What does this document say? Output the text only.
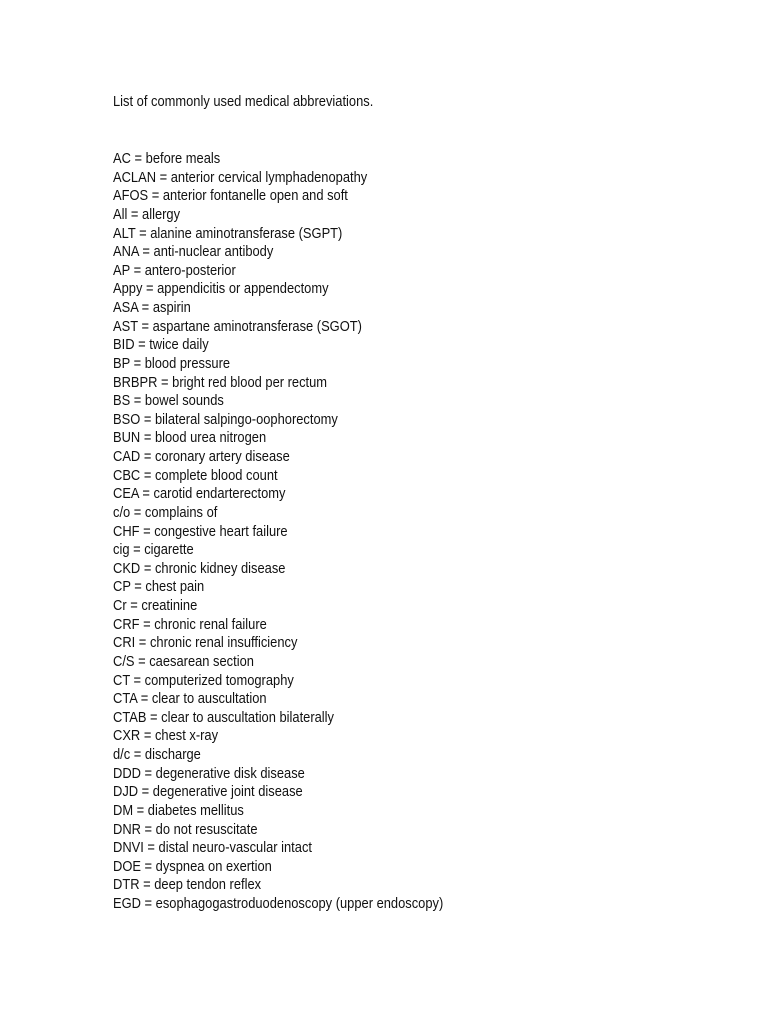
List of commonly used medical abbreviations.
AC = before meals
ACLAN = anterior cervical lymphadenopathy
AFOS = anterior fontanelle open and soft
All = allergy
ALT = alanine aminotransferase (SGPT)
ANA = anti-nuclear antibody
AP = antero-posterior
Appy = appendicitis or appendectomy
ASA = aspirin
AST = aspartane aminotransferase (SGOT)
BID = twice daily
BP = blood pressure
BRBPR = bright red blood per rectum
BS = bowel sounds
BSO = bilateral salpingo-oophorectomy
BUN = blood urea nitrogen
CAD = coronary artery disease
CBC = complete blood count
CEA = carotid endarterectomy
c/o = complains of
CHF = congestive heart failure
cig = cigarette
CKD = chronic kidney disease
CP = chest pain
Cr = creatinine
CRF = chronic renal failure
CRI = chronic renal insufficiency
C/S = caesarean section
CT = computerized tomography
CTA = clear to auscultation
CTAB = clear to auscultation bilaterally
CXR = chest x-ray
d/c = discharge
DDD = degenerative disk disease
DJD = degenerative joint disease
DM = diabetes mellitus
DNR = do not resuscitate
DNVI = distal neuro-vascular intact
DOE = dyspnea on exertion
DTR = deep tendon reflex
EGD = esophagogastroduodenoscopy (upper endoscopy)
